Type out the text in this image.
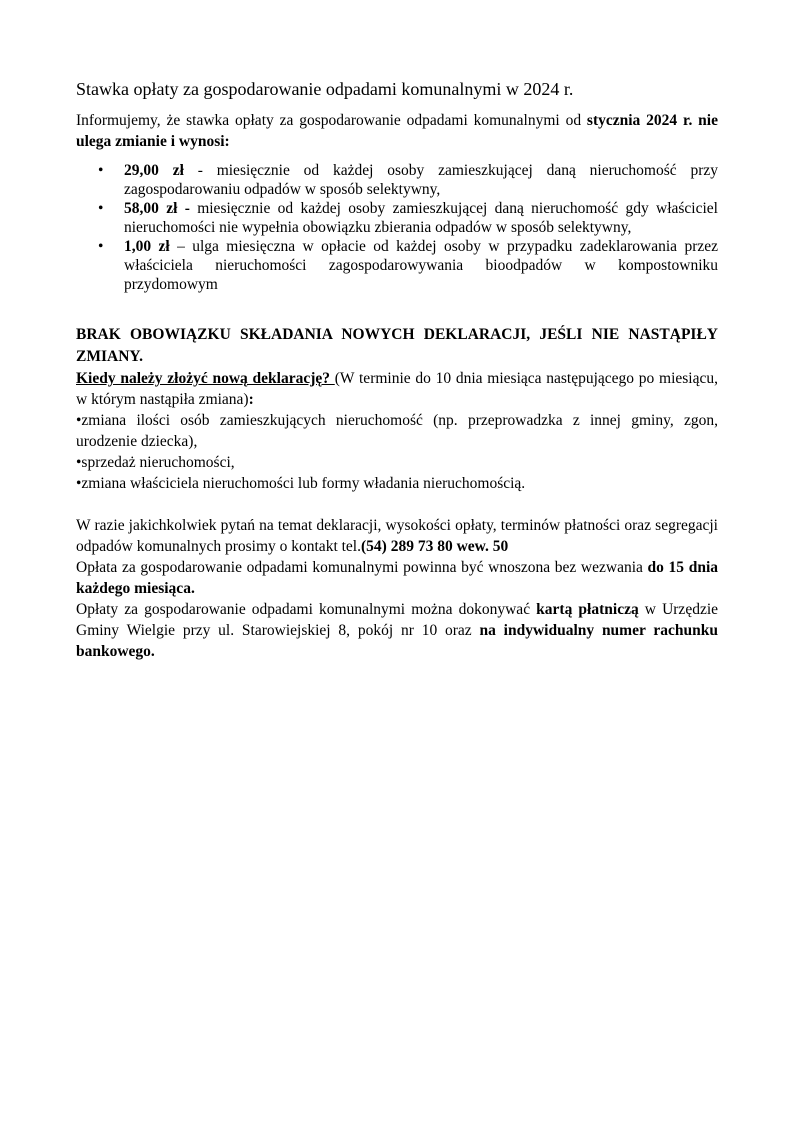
Stawka opłaty za gospodarowanie odpadami komunalnymi w 2024 r.

Informujemy, że stawka opłaty za gospodarowanie odpadami komunalnymi od stycznia 2024 r. nie ulega zmianie i wynosi:

• 29,00 zł - miesięcznie od każdej osoby zamieszkującej daną nieruchomość przy zagospodarowaniu odpadów w sposób selektywny,
• 58,00 zł - miesięcznie od każdej osoby zamieszkującej daną nieruchomość gdy właściciel nieruchomości nie wypełnia obowiązku zbierania odpadów w sposób selektywny,
• 1,00 zł – ulga miesięczna w opłacie od każdej osoby w przypadku zadeklarowania przez właściciela nieruchomości zagospodarowywania bioodpadów w kompostowniku przydomowym

BRAK OBOWIĄZKU SKŁADANIA NOWYCH DEKLARACJI, JEŚLI NIE NASTĄPIŁY ZMIANY.

Kiedy należy złożyć nową deklarację? (W terminie do 10 dnia miesiąca następującego po miesiącu, w którym nastąpiła zmiana):

•zmiana ilości osób zamieszkujących nieruchomość (np. przeprowadzka z innej gminy, zgon, urodzenie dziecka),

•sprzedaż nieruchomości,

•zmiana właściciela nieruchomości lub formy władania nieruchomością.

W razie jakichkolwiek pytań na temat deklaracji, wysokości opłaty, terminów płatności oraz segregacji odpadów komunalnych prosimy o kontakt tel.(54) 289 73 80 wew. 50

Opłata za gospodarowanie odpadami komunalnymi powinna być wnoszona bez wezwania do 15 dnia każdego miesiąca.

Opłaty za gospodarowanie odpadami komunalnymi można dokonywać kartą płatniczą w Urzędzie Gminy Wielgie przy ul. Starowiejskiej 8, pokój nr 10 oraz na indywidualny numer rachunku bankowego.
